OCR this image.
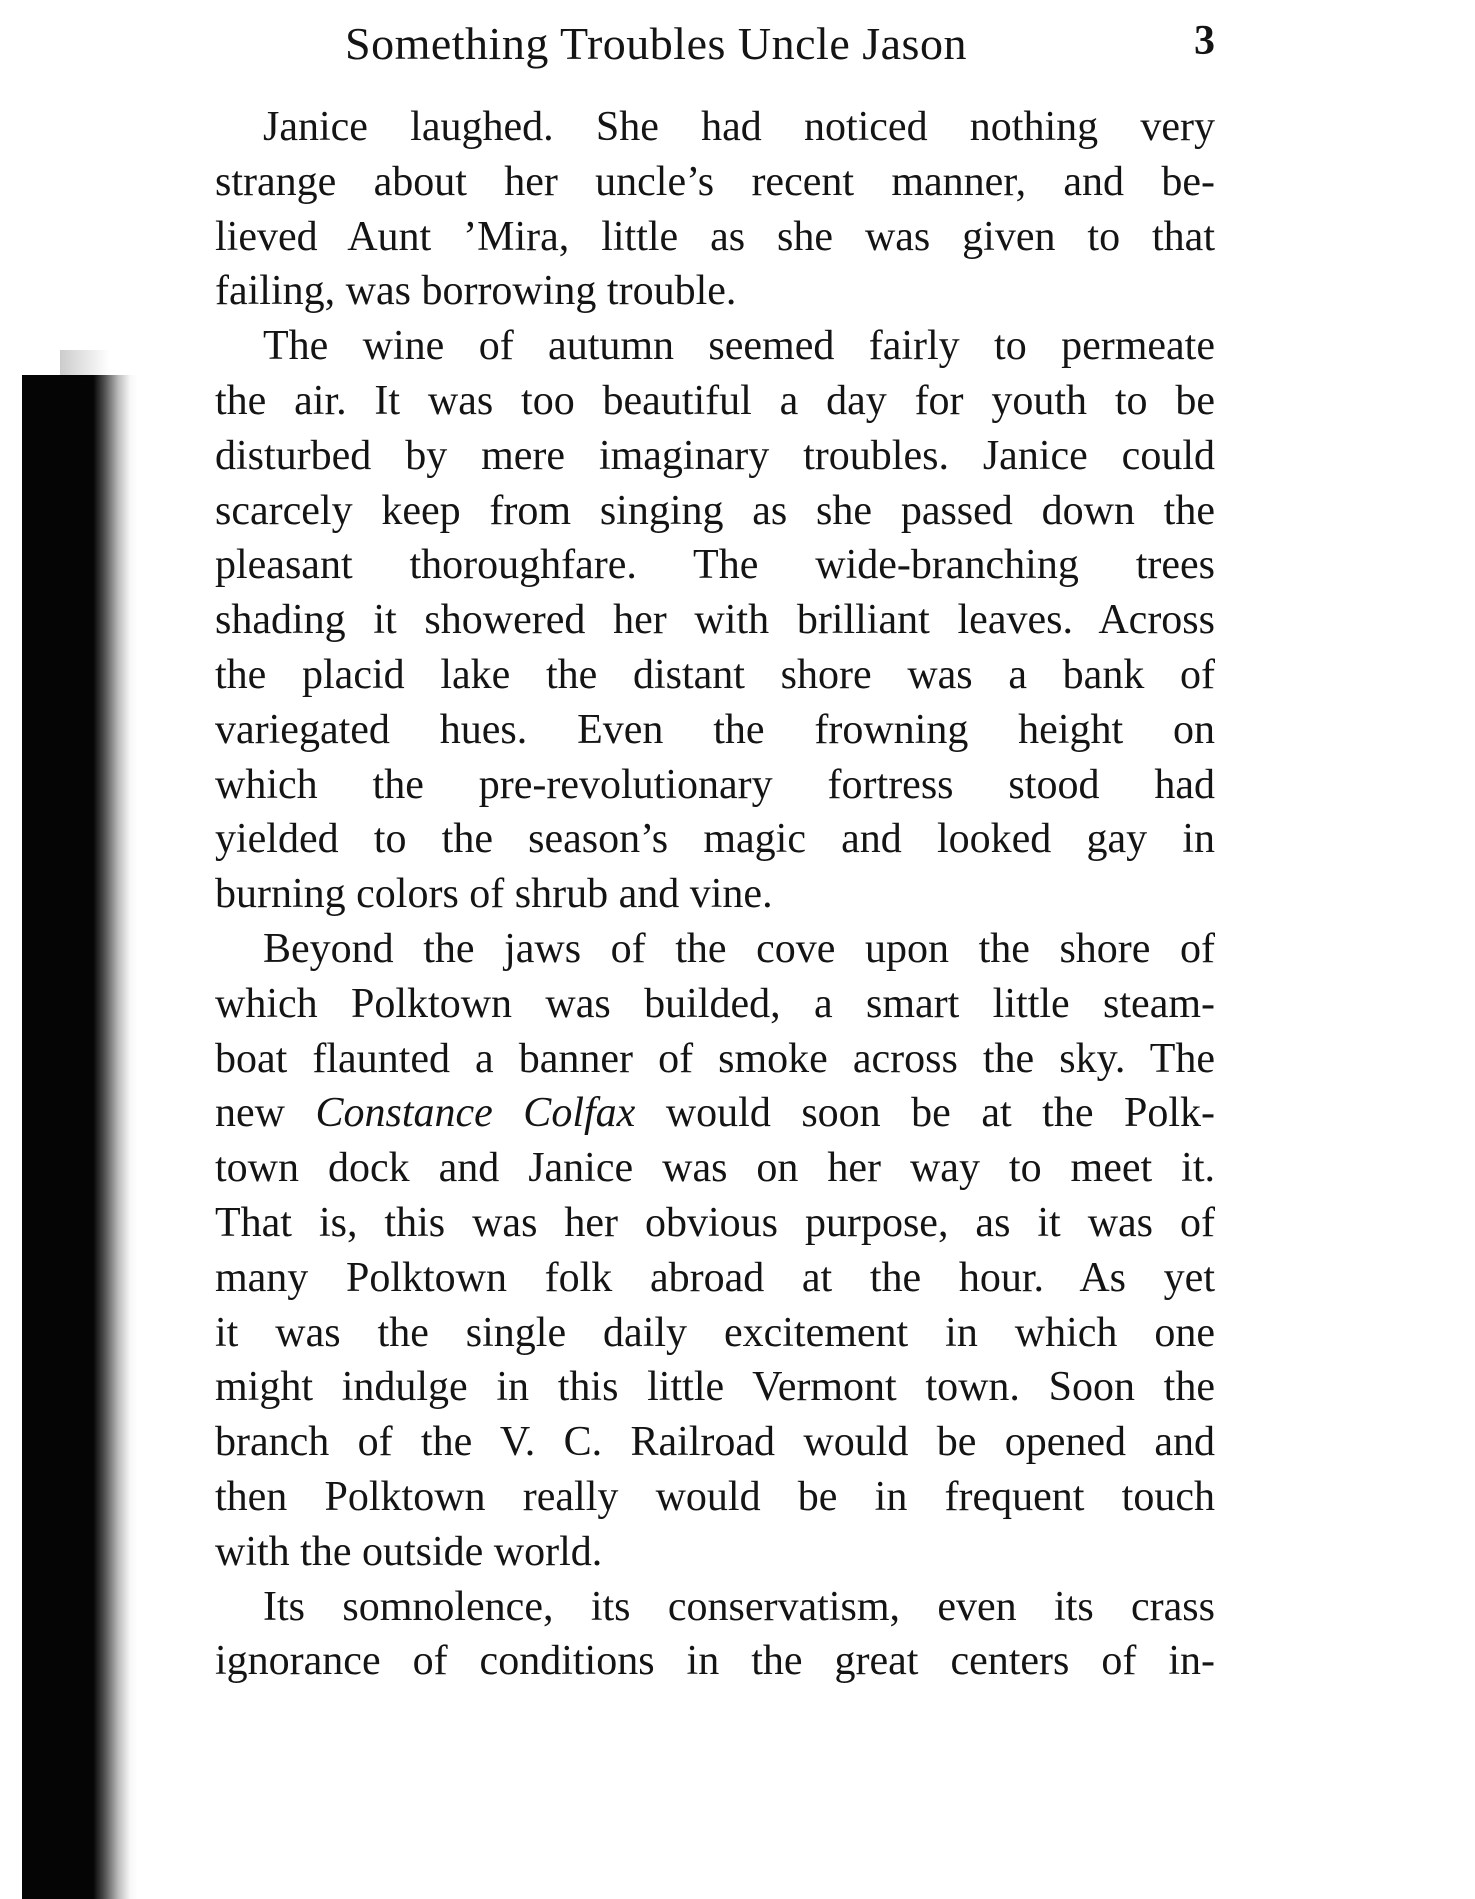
Something Troubles Uncle Jason	3

Janice laughed. She had noticed nothing very
strange about her uncle’s recent manner, and be-
lieved Aunt ’Mira, little as she was given to that
failing, was borrowing trouble.

The wine of autumn seemed fairly to permeate
the air. It was too beautiful a day for youth to be
disturbed by mere imaginary troubles. Janice could
scarcely keep from singing as she passed down the
pleasant thoroughfare. The wide-branching trees
shading it showered her with brilliant leaves. Across
the placid lake the distant shore was a bank of
variegated hues. Even the frowning height on
which the pre-revolutionary fortress stood had
yielded to the season’s magic and looked gay in
burning colors of shrub and vine.

Beyond the jaws of the cove upon the shore of
which Polktown was builded, a smart little steam-
boat flaunted a banner of smoke across the sky. The
new Constance Colfax would soon be at the Polk-
town dock and Janice was on her way to meet it.
That is, this was her obvious purpose, as it was of
many Polktown folk abroad at the hour. As yet
it was the single daily excitement in which one
might indulge in this little Vermont town. Soon the
branch of the V. C. Railroad would be opened and
then Polktown really would be in frequent touch
with the outside world.

Its somnolence, its conservatism, even its crass
ignorance of conditions in the great centers of in-
